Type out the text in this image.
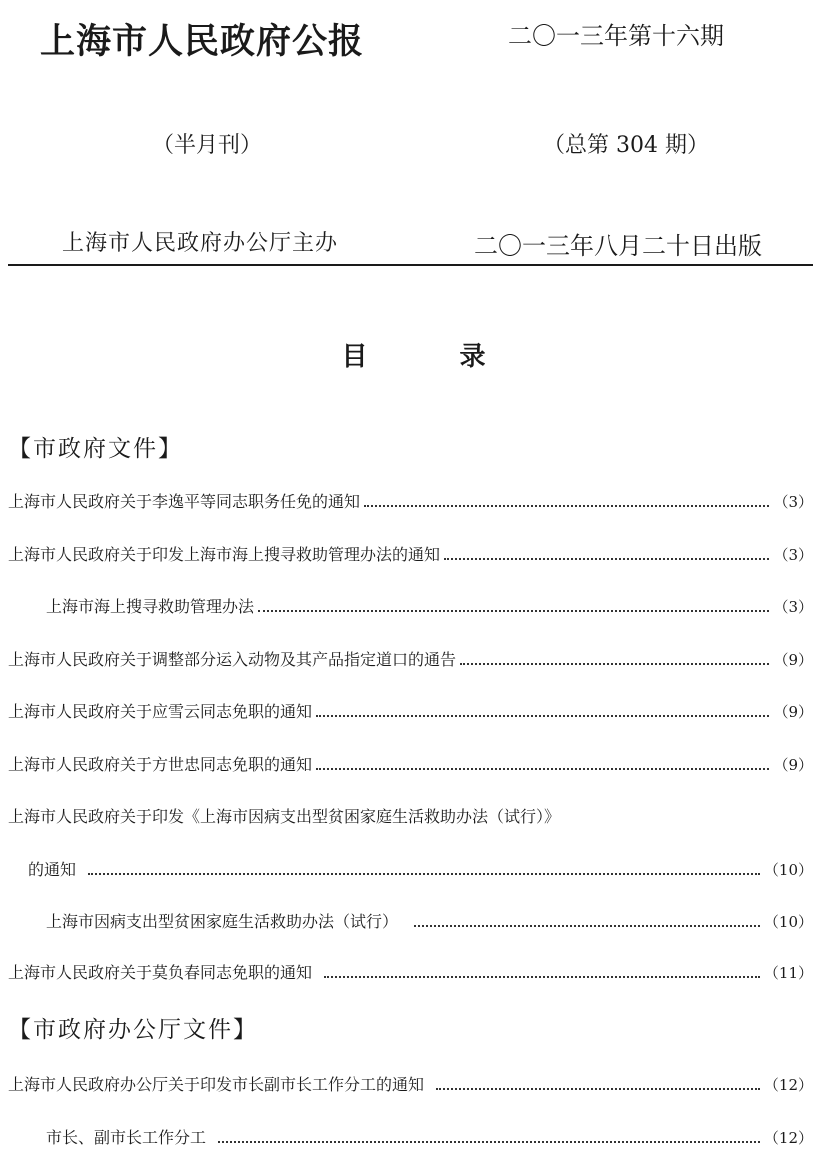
上海市人民政府公报	二〇一三年第十六期
（半月刊）	（总第 304 期）
上海市人民政府办公厅主办	二〇一三年八月二十日出版
目	录
【市政府文件】
上海市人民政府关于李逸平等同志职务任免的通知	（3）
上海市人民政府关于印发上海市海上搜寻救助管理办法的通知	（3）
上海市海上搜寻救助管理办法	（3）
上海市人民政府关于调整部分运入动物及其产品指定道口的通告	（9）
上海市人民政府关于应雪云同志免职的通知	（9）
上海市人民政府关于方世忠同志免职的通知	（9）
上海市人民政府关于印发《上海市因病支出型贫困家庭生活救助办法（试行）》
的通知	（10）
上海市因病支出型贫困家庭生活救助办法（试行）	（10）
上海市人民政府关于莫负春同志免职的通知	（11）
【市政府办公厅文件】
上海市人民政府办公厅关于印发市长副市长工作分工的通知	（12）
市长、副市长工作分工	（12）
